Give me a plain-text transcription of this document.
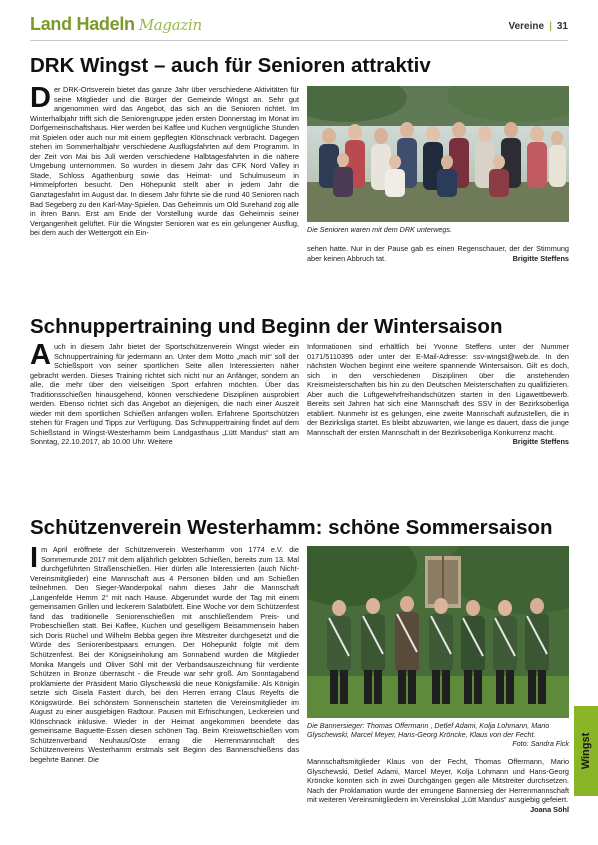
Land Hadeln Magazin	Vereine | 31
DRK Wingst – auch für Senioren attraktiv
Der DRK-Ortsverein bietet das ganze Jahr über verschiedene Aktivitäten für seine Mitglieder und die Bürger der Gemeinde Wingst an. Sehr gut angenommen wird das Angebot, das sich an die Senioren richtet. Im Winterhalbjahr trifft sich die Seniorengruppe jeden ersten Donnerstag im Monat im Dorfgemeinschaftshaus. Hier werden bei Kaffee und Kuchen vergnügliche Stunden mit Spielen oder auch nur mit einem gepflegten Klönschnack verbracht. Dagegen stehen im Sommerhalbjahr verschiedene Ausflugsfahrten auf dem Programm. In der Zeit von Mai bis Juli werden verschiedene Halbtagesfahrten in die nähere Umgebung unternommen. So wurden in diesem Jahr das CFK Nord Valley in Stade, Schloss Agathenburg sowie das Heimat- und Schulmuseum in Himmelpforten besucht. Den Höhepunkt stellt aber in jedem Jahr die Ganztagesfahrt im August dar. In diesem Jahr führte sie die rund 40 Senioren nach Bad Segeberg zu den Karl-May-Spielen. Das Geheimnis um Old Surehand zog alle in ihren Bann. Erst am Ende der Vorstellung wurde das Geheimnis seiner Vergangenheit gelüftet. Für die Wingster Senioren war es ein gelungener Ausflug, bei dem auch der Wettergott ein Ein-	Die Senioren waren mit dem DRK unterwegs.
sehen hatte. Nur in der Pause gab es einen Regenschauer, der der Stimmung aber keinen Abbruch tat.	Brigitte Steffens
Schnuppertraining und Beginn der Wintersaison
Auch in diesem Jahr bietet der Sportschützenverein Wingst wieder ein Schnuppertraining für jedermann an. Unter dem Motto „mach mit“ soll der Schießsport von seiner sportlichen Seite allen Interessierten näher gebracht werden. Dieses Training richtet sich nicht nur an Anfänger, sondern an alle, die mehr über den vielseitigen Sport erfahren möchten. Über das Traditionsschießen hinausgehend, können verschiedene Disziplinen ausprobiert werden. Ebenso richtet sich das Angebot an diejenigen, die nach einer Auszeit wieder mit dem sportlichen Schießen anfangen wollen. Erfahrene Sportschützen stehen für Fragen und Tipps zur Verfügung. Das Schnuppertraining findet auf dem Schießstand in Wingst-Westerhamm beim Landgasthaus „Lütt Mandus“ statt am Sonntag, 22.10.2017, ab 10.00 Uhr. Weitere
Informationen sind erhältlich bei Yvonne Steffens unter der Nummer 0171/5110395 oder unter der E-Mail-Adresse: ssv-wingst@web.de. In den nächsten Wochen beginnt eine weitere spannende Wintersaison. Gilt es doch, sich in den verschiedenen Disziplinen über die anstehenden Kreismeisterschaften bis hin zu den Deutschen Meisterschaften zu qualifizieren. Aber auch die Luftgewehrfreihandschützen starten in den Ligawettbewerb. Bereits seit Jahren hat sich eine Mannschaft des SSV in der Bezirksoberliga etabliert. Nunmehr ist es gelungen, eine zweite Mannschaft aufzustellen, die in der Bezirksliga startet. Es bleibt abzuwarten, wie lange es dauert, dass die junge Mannschaft der ersten Mannschaft in der Bezirksoberliga Konkurrenz macht.
Brigitte Steffens
Schützenverein Westerhamm: schöne Sommersaison
Im April eröffnete der Schützenverein Westerhamm von 1774 e.V. die Sommerrunde 2017 mit dem alljährlich gelobten Schießen, bereits zum 13. Mal durchgeführten Straßenschießen. Hier dürfen alle Interessierten (auch Nicht-Vereinsmitglieder) eine Mannschaft aus 4 Personen bilden und am Schießen teilnehmen. Den Sieger-Wanderpokal nahm dieses Jahr die Mannschaft „Langenfelde Hemm 2“ mit nach Hause. Abgerundet wurde der Tag mit einem gemeinsamen Grillen und leckerem Salatbüfett. Eine Woche vor dem Schützenfest fand das traditionelle Seniorenschießen mit anschließendem Preis- und Probeschießen statt. Bei Kaffee, Kuchen und geselligem Beisammensein haben sich Doris Rüchel und Wilhelm Bebba gegen ihre Mitstreiter durchgesetzt und die Würde des Seniorenbestpaars errungen. Der Höhepunkt folgte mit dem Schützenfest. Bei der Königseinholung am Sonnabend wurden die Mitglieder Monika Mangels und Oliver Söhl mit der Verbandsauszeichnung für verdiente Schützen in Bronze überrascht - die Freude war sehr groß. Am Sonntagabend proklamierte der Präsident Mario Glyschewski die neue Königsfamilie. Als Königin setzte sich Gisela Fastert durch, bei den Herren errang Claus Reyelts die Königswürde. Bei schönstem Sonnenschein starteten die Vereinsmitglieder im August zu einer ausgiebigen Radtour. Pausen mit Erfrischungen, Leckereien und Klönschnack inklusive. Wieder in der Heimat angekommen beendete das gemeinsame Baguette-Essen diesen schönen Tag. Beim Kreiswettschießen vom Schützenverband Neuhaus/Oste errang die Herrenmannschaft des Schützenvereins Westerhamm erstmals seit Beginn des Bannerschießens das begehrte Banner. Die
Die Bannersieger: Thomas Offermann , Detlef Adami, Kolja Lohmann, Mario Glyschewski, Marcel Meyer, Hans-Georg Kröncke, Klaus von der Fecht.
Foto: Sandra Fick
Mannschaftsmitglieder Klaus von der Fecht, Thomas Offermann, Mario Glyschewski, Detlef Adami, Marcel Meyer, Kolja Lohmann und Hans-Georg Kröncke konnten sich in zwei Durchgängen gegen alle Mitstreiter durchsetzen. Nach der Proklamation wurde der errungene Bannersieg der Herrenmannschaft mit weiteren Vereinsmitgliedern im Vereinslokal „Lütt Mandus“ ausgiebig gefeiert.
Joana Söhl
Wingst
